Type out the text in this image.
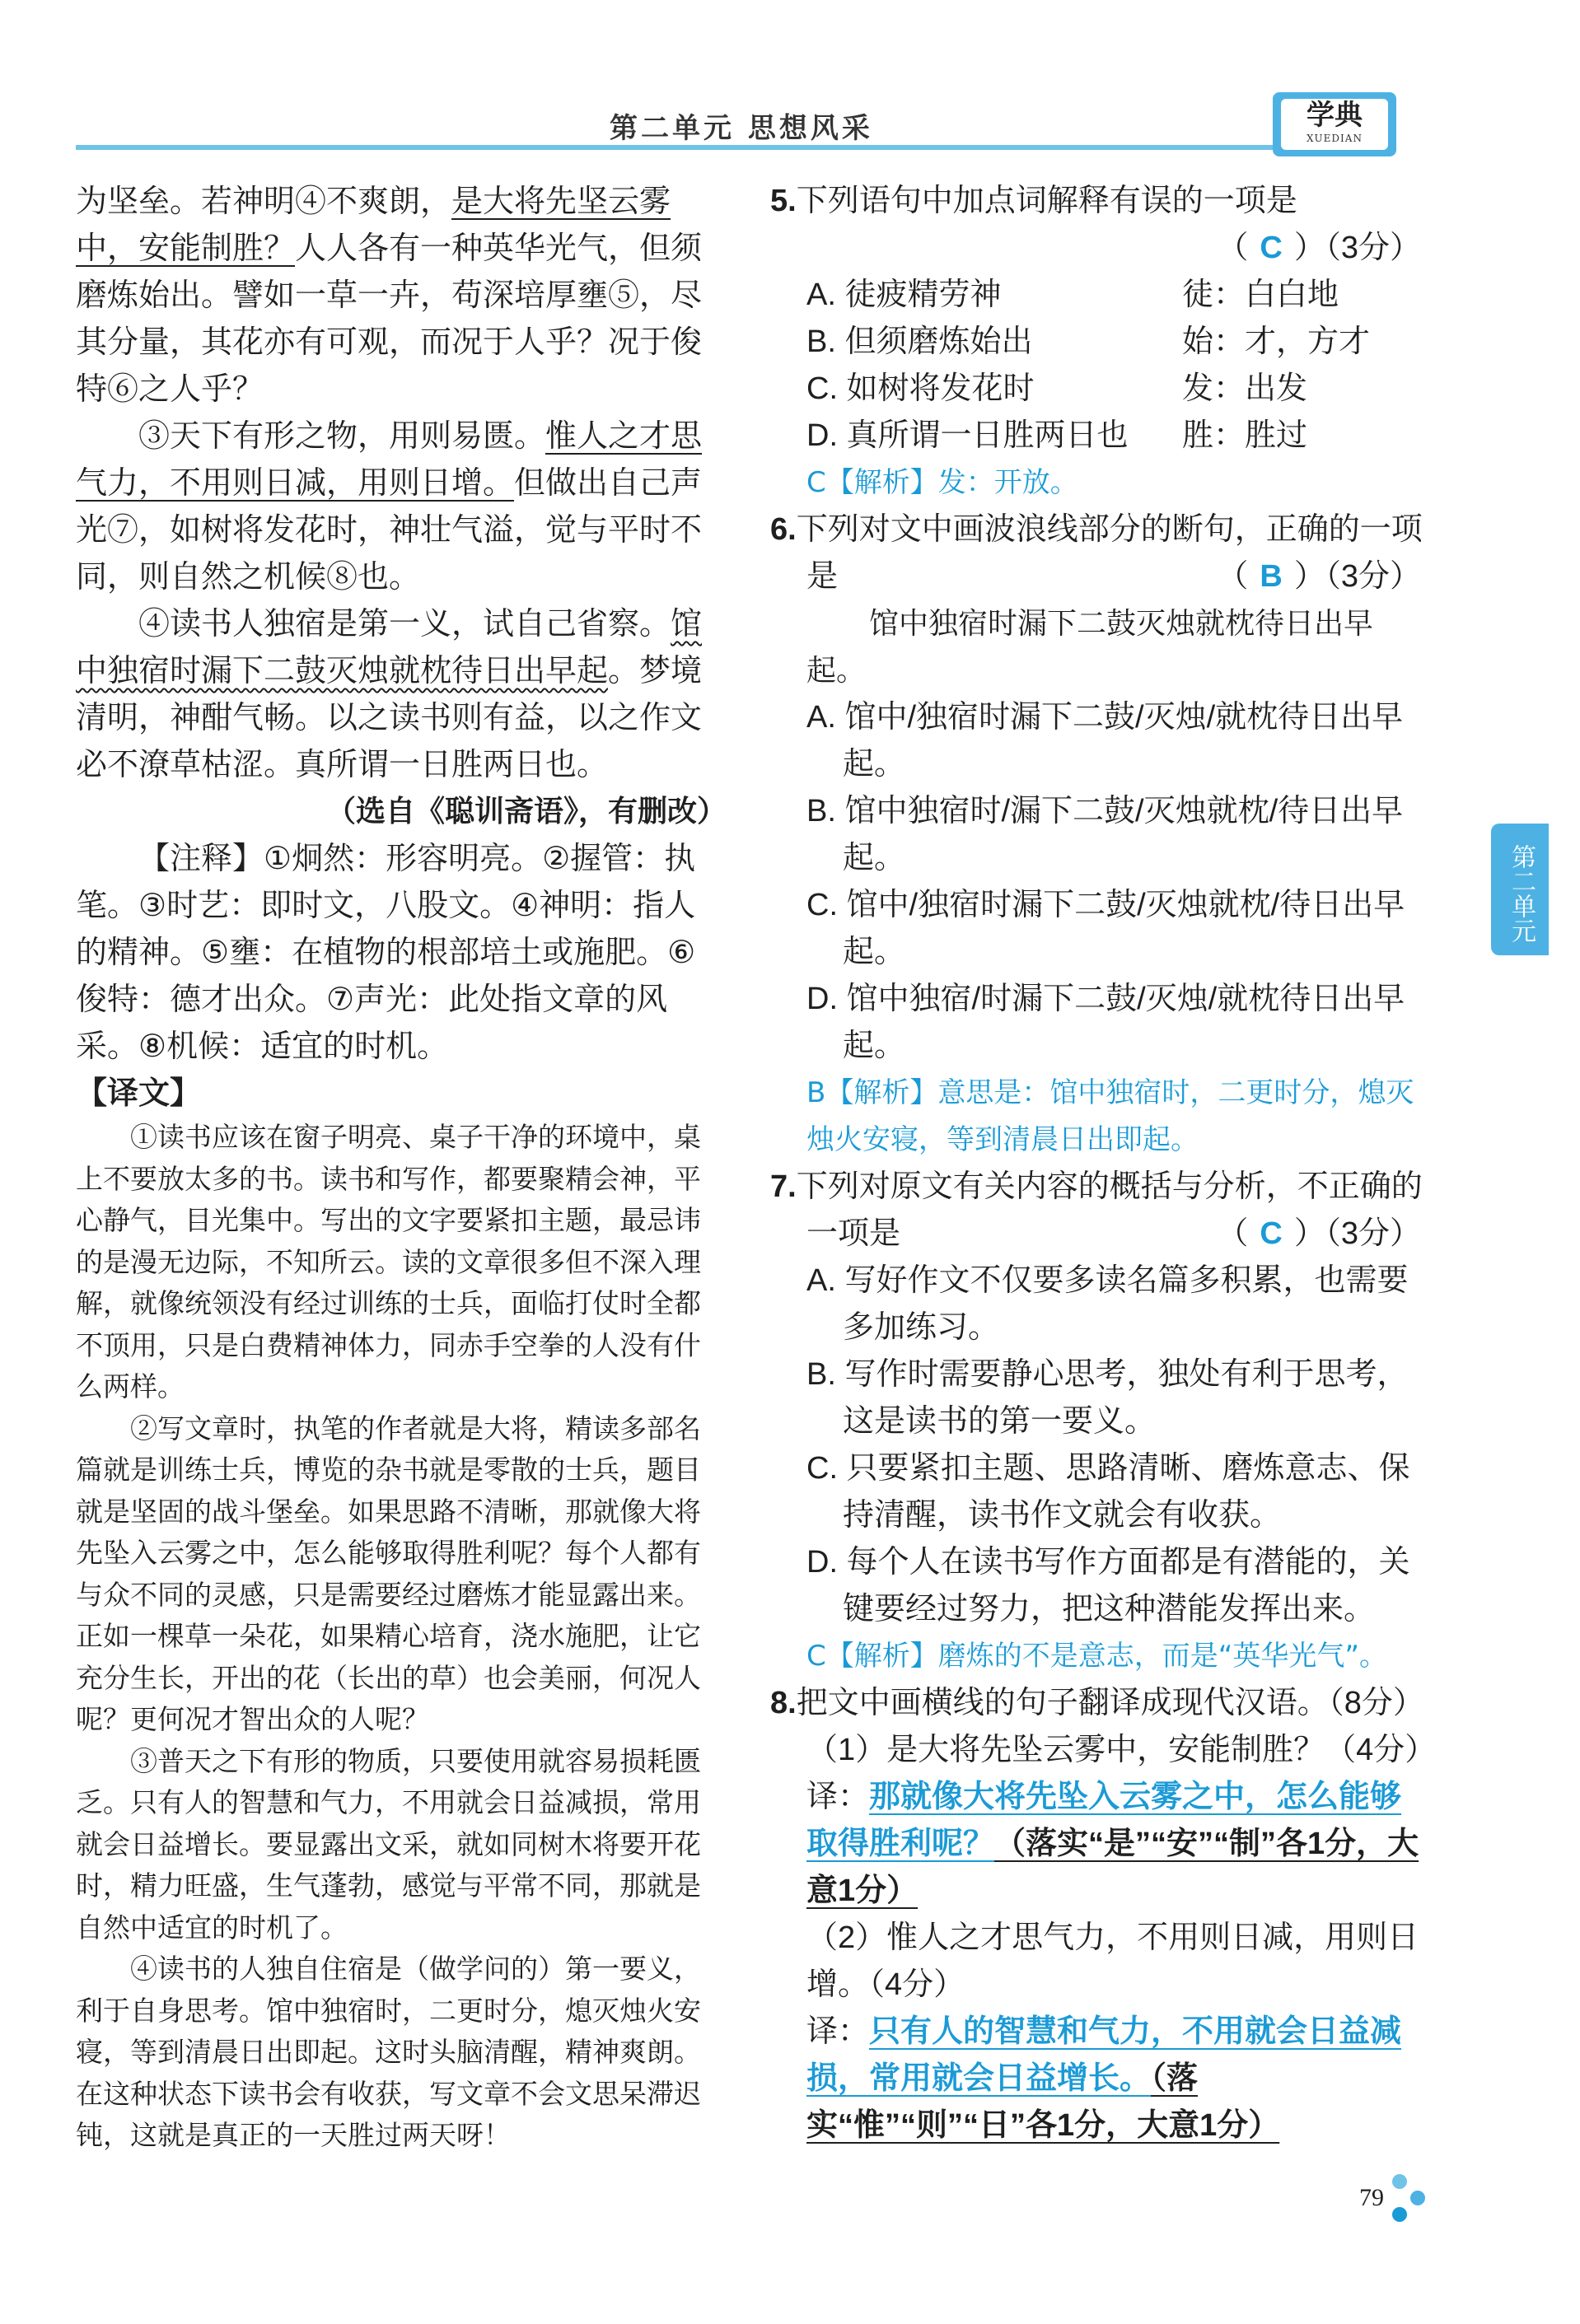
第二单元 思想风采	学典
XUEDIAN
第二单元

为坚垒。若神明④不爽朗，是大将先坚云雾中，安能制胜？人人各有一种英华光气，但须磨炼始出。譬如一草一卉，苟深培厚壅⑤，尽其分量，其花亦有可观，而况于人乎？况于俊特⑥之人乎？

③天下有形之物，用则易匮。惟人之才思气力，不用则日减，用则日增。但做出自己声光⑦，如树将发花时，神壮气溢，觉与平时不同，则自然之机候⑧也。

④读书人独宿是第一义，试自己省察。馆中独宿时漏下二鼓灭烛就枕待日出早起。梦境清明，神酣气畅。以之读书则有益，以之作文必不潦草枯涩。真所谓一日胜两日也。

（选自《聪训斋语》，有删改）

【注释】①炯然：形容明亮。②握管：执笔。③时艺：即时文，八股文。④神明：指人的精神。⑤壅：在植物的根部培土或施肥。⑥俊特：德才出众。⑦声光：此处指文章的风采。⑧机候：适宜的时机。

【译文】

①读书应该在窗子明亮、桌子干净的环境中，桌上不要放太多的书。读书和写作，都要聚精会神，平心静气，目光集中。写出的文字要紧扣主题，最忌讳的是漫无边际，不知所云。读的文章很多但不深入理解，就像统领没有经过训练的士兵，面临打仗时全都不顶用，只是白费精神体力，同赤手空拳的人没有什么两样。

②写文章时，执笔的作者就是大将，精读多部名篇就是训练士兵，博览的杂书就是零散的士兵，题目就是坚固的战斗堡垒。如果思路不清晰，那就像大将先坠入云雾之中，怎么能够取得胜利呢？每个人都有与众不同的灵感，只是需要经过磨炼才能显露出来。正如一棵草一朵花，如果精心培育，浇水施肥，让它充分生长，开出的花（长出的草）也会美丽，何况人呢？更何况才智出众的人呢？

③普天之下有形的物质，只要使用就容易损耗匮乏。只有人的智慧和气力，不用就会日益减损，常用就会日益增长。要显露出文采，就如同树木将要开花时，精力旺盛，生气蓬勃，感觉与平常不同，那就是自然中适宜的时机了。

④读书的人独自住宿是（做学问的）第一要义，利于自身思考。馆中独宿时，二更时分，熄灭烛火安寝，等到清晨日出即起。这时头脑清醒，精神爽朗。在这种状态下读书会有收获，写文章不会文思呆滞迟钝，这就是真正的一天胜过两天呀！

5.下列语句中加点词解释有误的一项是

（ C ）（3分）

A. 徒疲精劳神	徒：白白地

B. 但须磨炼始出	始：才，方才

C. 如树将发花时	发：出发

D. 真所谓一日胜两日也 胜：胜过

C【解析】发：开放。

6.下列对文中画波浪线部分的断句，正确的一项是	（ B ）（3分）

馆中独宿时漏下二鼓灭烛就枕待日出早起。

A. 馆中/独宿时漏下二鼓/灭烛/就枕待日出早起。

B. 馆中独宿时/漏下二鼓/灭烛就枕/待日出早起。

C. 馆中/独宿时漏下二鼓/灭烛就枕/待日出早起。

D. 馆中独宿/时漏下二鼓/灭烛/就枕待日出早起。

B【解析】意思是：馆中独宿时，二更时分，熄灭烛火安寝，等到清晨日出即起。

7.下列对原文有关内容的概括与分析，不正确的一项是	（ C ）（3分）

A. 写好作文不仅要多读名篇多积累，也需要多加练习。

B. 写作时需要静心思考，独处有利于思考，这是读书的第一要义。

C. 只要紧扣主题、思路清晰、磨炼意志、保持清醒，读书作文就会有收获。

D. 每个人在读书写作方面都是有潜能的，关键要经过努力，把这种潜能发挥出来。

C【解析】磨炼的不是意志，而是“英华光气”。

8.把文中画横线的句子翻译成现代汉语。（8分）

（1）是大将先坠云雾中，安能制胜？（4分）

译：那就像大将先坠入云雾之中，怎么能够取得胜利呢？（落实“是”“安”“制”各1分，大意1分）

（2）惟人之才思气力，不用则日减，用则日增。（4分）

译：只有人的智慧和气力，不用就会日益减损，常用就会日益增长。（落实“惟”“则”“日”各1分，大意1分）

79
